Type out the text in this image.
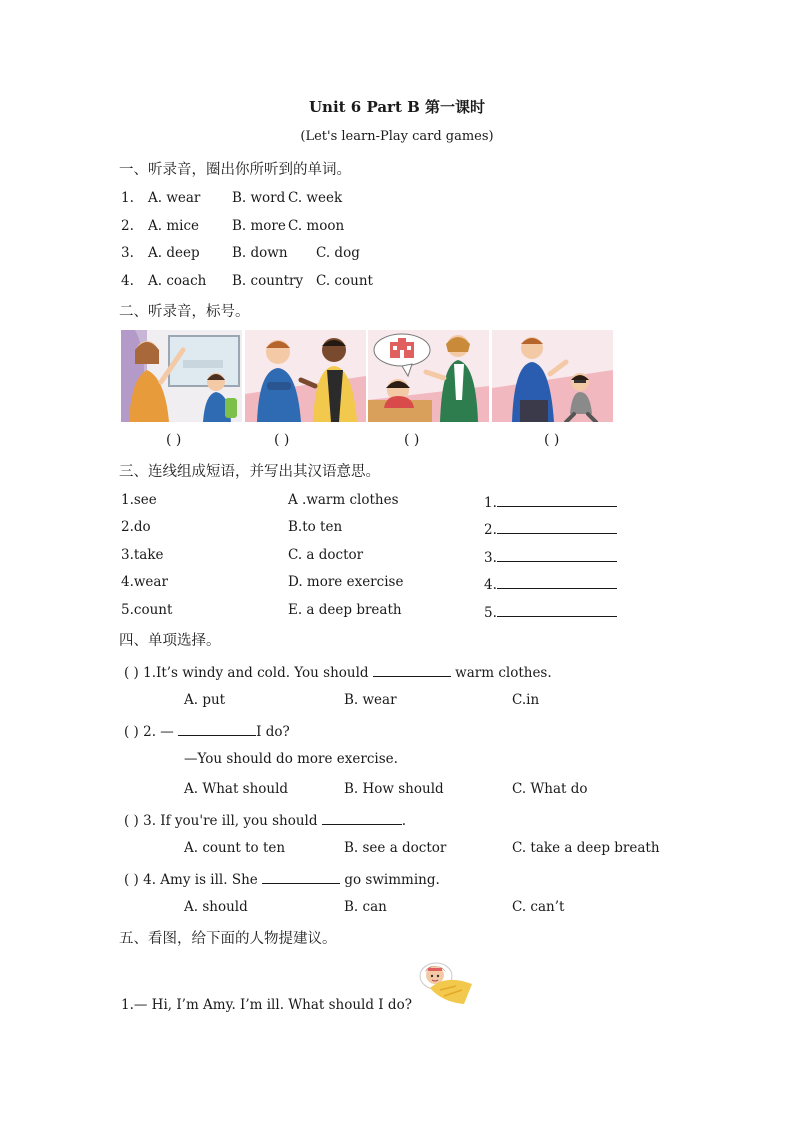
Unit 6 Part B 第一课时
(Let's learn-Play card games)
一、听录音，圈出你所听到的单词。
1. A. wear B. word C. week
2. A. mice B. more C. moon
3. A. deep B. down C. dog
4. A. coach B. country C. count
二、听录音，标号。
( )	( )	( )	( )
三、连线组成短语，并写出其汉语意思。
1.see	A .warm clothes	1.
2.do	B.to ten	2.
3.take	C. a doctor	3.
4.wear	D. more exercise	4.
5.count	E. a deep breath	5.
四、单项选择。
( ) 1.It’s windy and cold. You should	warm clothes.
A. put	B. wear	C.in
( ) 2. —	I do?
—You should do more exercise.
A. What should	B. How should	C. What do
( ) 3. If you're ill, you should	.
A. count to ten	B. see a doctor	C. take a deep breath
( ) 4. Amy is ill. She	go swimming.
A. should	B. can	C. can’t
五、看图，给下面的人物提建议。
1.— Hi, I’m Amy. I’m ill. What should I do?
